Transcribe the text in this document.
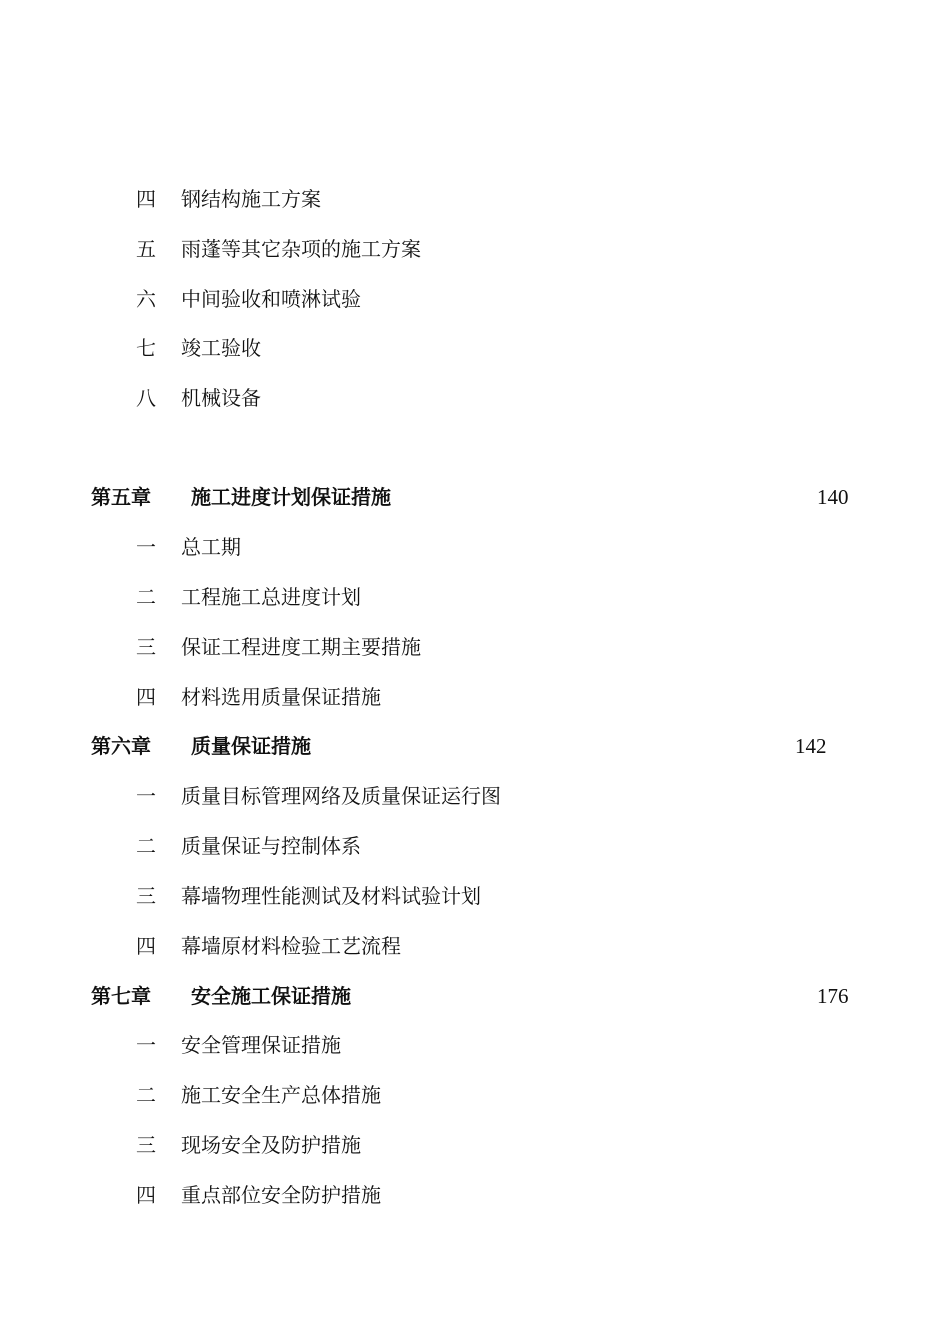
四 钢结构施工方案
五 雨蓬等其它杂项的施工方案
六 中间验收和喷淋试验
七 竣工验收
八 机械设备
第五章 施工进度计划保证措施	140
一 总工期
二 工程施工总进度计划
三 保证工程进度工期主要措施
四 材料选用质量保证措施
第六章 质量保证措施	142
一 质量目标管理网络及质量保证运行图
二 质量保证与控制体系
三 幕墙物理性能测试及材料试验计划
四 幕墙原材料检验工艺流程
第七章 安全施工保证措施	176
一 安全管理保证措施
二 施工安全生产总体措施
三 现场安全及防护措施
四 重点部位安全防护措施
